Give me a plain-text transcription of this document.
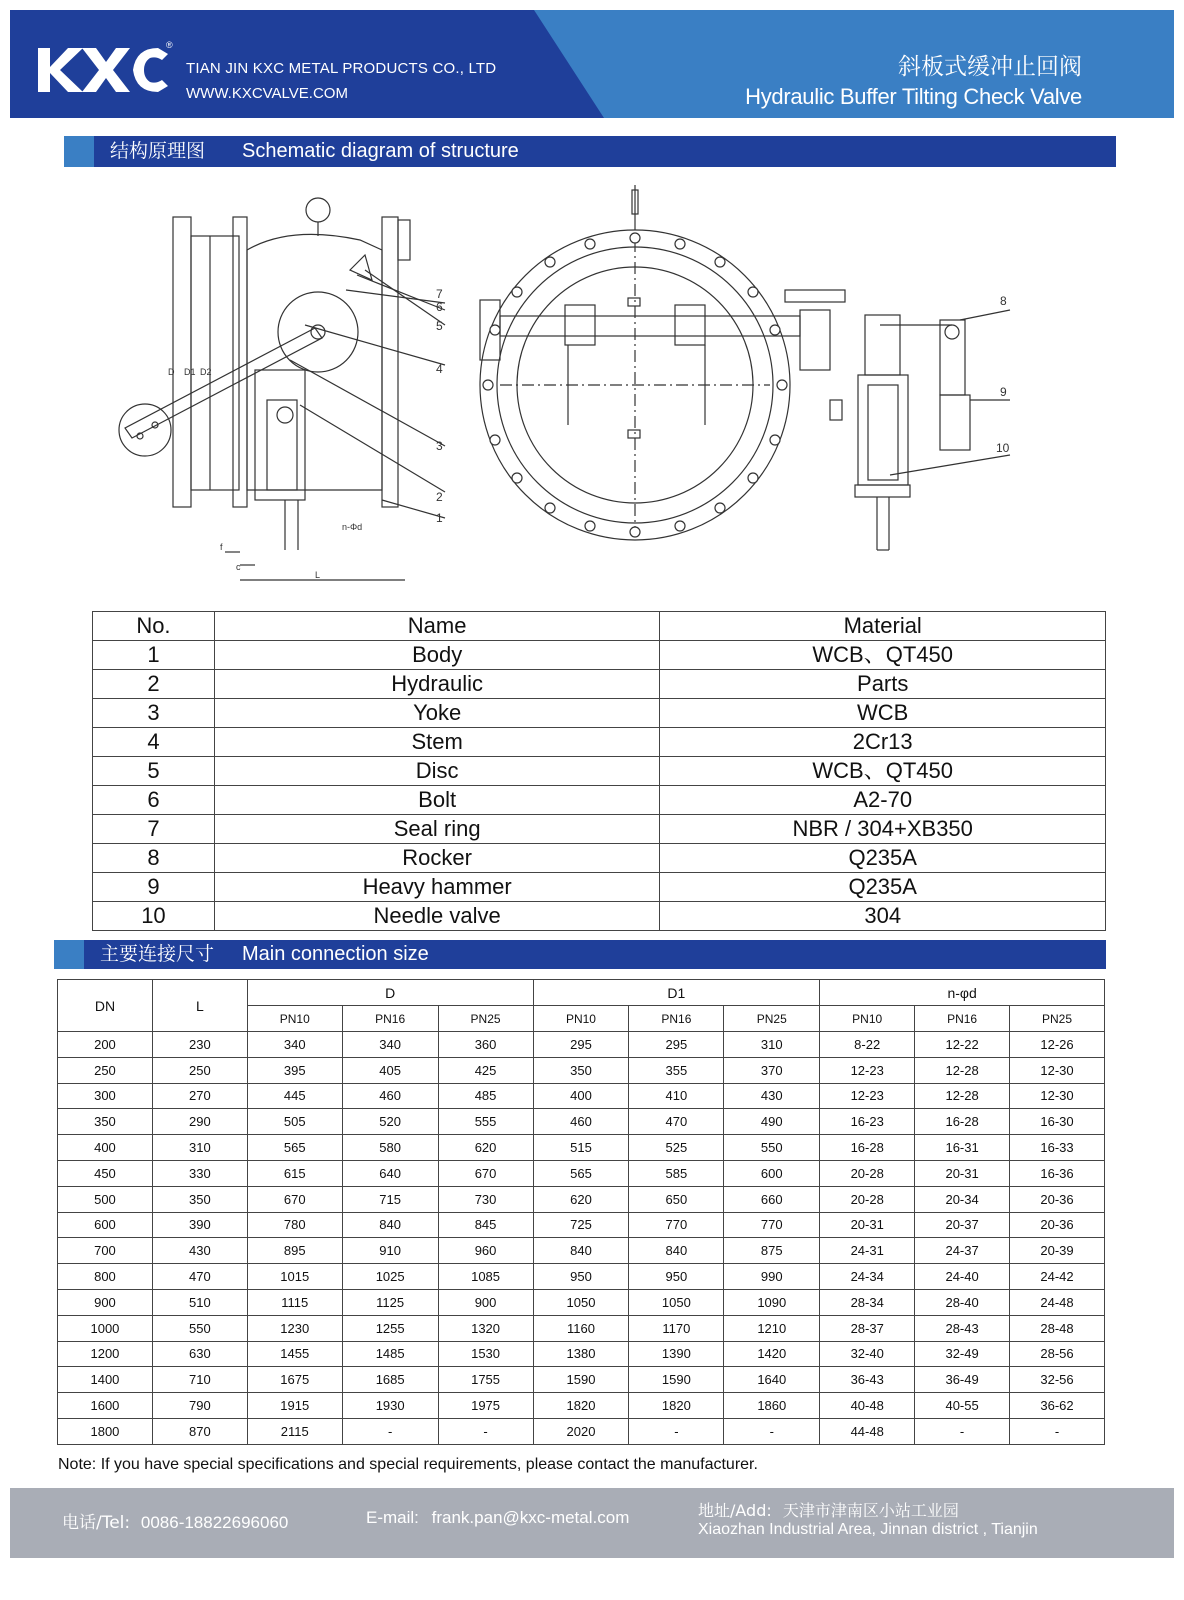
®
TIAN JIN KXC METAL PRODUCTS CO., LTD
WWW.KXCVALVE.COM
斜板式缓冲止回阀
Hydraulic Buffer Tilting Check Valve
结构原理图 Schematic diagram of structure
7
6
5
4
3
2
1
D D1 D2
n-Φd
f
c
L
8
9
10
No.	Name	Material
1	Body	WCB、QT450
2	Hydraulic	Parts
3	Yoke	WCB
4	Stem	2Cr13
5	Disc	WCB、QT450
6	Bolt	A2-70
7	Seal ring	NBR / 304+XB350
8	Rocker	Q235A
9	Heavy hammer	Q235A
10	Needle valve	304
主要连接尺寸 Main connection size
DN	L	D			D1			n-φd		
		PN10	PN16	PN25	PN10	PN16	PN25	PN10	PN16	PN25
200	230	340	340	360	295	295	310	8-22	12-22	12-26
250	250	395	405	425	350	355	370	12-23	12-28	12-30
300	270	445	460	485	400	410	430	12-23	12-28	12-30
350	290	505	520	555	460	470	490	16-23	16-28	16-30
400	310	565	580	620	515	525	550	16-28	16-31	16-33
450	330	615	640	670	565	585	600	20-28	20-31	16-36
500	350	670	715	730	620	650	660	20-28	20-34	20-36
600	390	780	840	845	725	770	770	20-31	20-37	20-36
700	430	895	910	960	840	840	875	24-31	24-37	20-39
800	470	1015	1025	1085	950	950	990	24-34	24-40	24-42
900	510	1115	1125	900	1050	1050	1090	28-34	28-40	24-48
1000	550	1230	1255	1320	1160	1170	1210	28-37	28-43	28-48
1200	630	1455	1485	1530	1380	1390	1420	32-40	32-49	28-56
1400	710	1675	1685	1755	1590	1590	1640	36-43	36-49	32-56
1600	790	1915	1930	1975	1820	1820	1860	40-48	40-55	36-62
1800	870	2115	-	-	2020	-	-	44-48	-	-
Note: If you have special specifications and special requirements, please contact the manufacturer.
电话/Tel: 0086-18822696060	E-mail: frank.pan@kxc-metal.com	地址/Add: 天津市津南区小站工业园
Xiaozhan Industrial Area, Jinnan district , Tianjin
